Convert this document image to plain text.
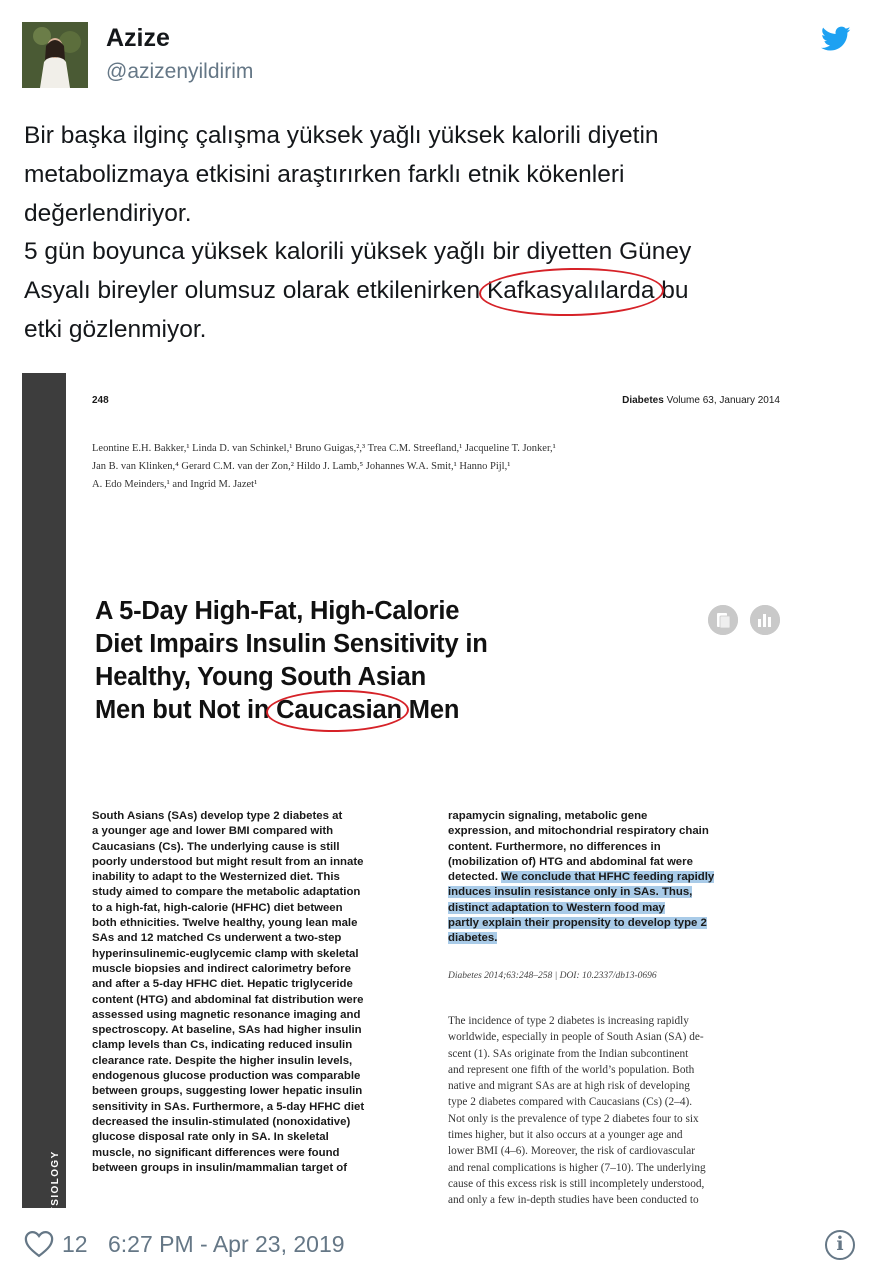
Azize
@azizenyildirim

Bir başka ilginç çalışma yüksek yağlı yüksek kalorili diyetin

metabolizmaya etkisini araştırırken farklı etnik kökenleri

değerlendiriyor.

5 gün boyunca yüksek kalorili yüksek yağlı bir diyetten Güney

Asyalı bireyler olumsuz olarak etkilenirken Kafkasyalılarda
bu

etki gözlenmiyor.

PATHOPHYSIOLOGY
248	Diabetes Volume 63, January 2014
Leontine E.H. Bakker,¹ Linda D. van Schinkel,¹ Bruno Guigas,²,³ Trea C.M. Streefland,¹ Jacqueline T. Jonker,¹
Jan B. van Klinken,⁴ Gerard C.M. van der Zon,² Hildo J. Lamb,⁵ Johannes W.A. Smit,¹ Hanno Pijl,¹
A. Edo Meinders,¹ and Ingrid M. Jazet¹
A 5-Day High-Fat, High-Calorie
Diet Impairs Insulin Sensitivity in
Healthy, Young South Asian
Men but Not in Caucasian
Men
South Asians (SAs) develop type 2 diabetes at
a younger age and lower BMI compared with
Caucasians (Cs). The underlying cause is still
poorly understood but might result from an innate
inability to adapt to the Westernized diet. This
study aimed to compare the metabolic adaptation
to a high-fat, high-calorie (HFHC) diet between
both ethnicities. Twelve healthy, young lean male
SAs and 12 matched Cs underwent a two-step
hyperinsulinemic-euglycemic clamp with skeletal
muscle biopsies and indirect calorimetry before
and after a 5-day HFHC diet. Hepatic triglyceride
content (HTG) and abdominal fat distribution were
assessed using magnetic resonance imaging and
spectroscopy. At baseline, SAs had higher insulin
clamp levels than Cs, indicating reduced insulin
clearance rate. Despite the higher insulin levels,
endogenous glucose production was comparable
between groups, suggesting lower hepatic insulin
sensitivity in SAs. Furthermore, a 5-day HFHC diet
decreased the insulin-stimulated (nonoxidative)
glucose disposal rate only in SA. In skeletal
muscle, no significant differences were found
between groups in insulin/mammalian target of
rapamycin signaling, metabolic gene
expression, and mitochondrial respiratory chain
content. Furthermore, no differences in
(mobilization of) HTG and abdominal fat were
detected. We conclude that HFHC feeding rapidly
induces insulin resistance only in SAs. Thus,
distinct adaptation to Western food may
partly explain their propensity to develop type 2
diabetes.
Diabetes 2014;63:248–258 | DOI: 10.2337/db13-0696
The incidence of type 2 diabetes is increasing rapidly
worldwide, especially in people of South Asian (SA) de-
scent (1). SAs originate from the Indian subcontinent
and represent one fifth of the world’s population. Both
native and migrant SAs are at high risk of developing
type 2 diabetes compared with Caucasians (Cs) (2–4).
Not only is the prevalence of type 2 diabetes four to six
times higher, but it also occurs at a younger age and
lower BMI (4–6). Moreover, the risk of cardiovascular
and renal complications is higher (7–10). The underlying
cause of this excess risk is still incompletely understood,
and only a few in-depth studies have been conducted to
12 6:27 PM - Apr 23, 2019	i
